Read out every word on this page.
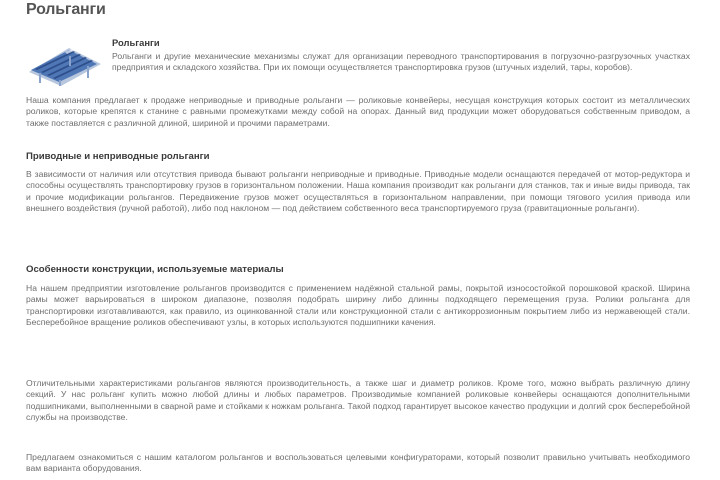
Рольганги
Рольганги

Рольганги и другие механические механизмы служат для организации переводного транспортирования в погрузочно-разгрузочных участках предприятия и складского хозяйства. При их помощи осуществляется транспортировка грузов (штучных изделий, тары, коробов).

Наша компания предлагает к продаже неприводные и приводные рольганги — роликовые конвейеры, несущая конструкция которых состоит из металлических роликов, которые крепятся к станине с равными промежутками между собой на опорах. Данный вид продукции может оборудоваться собственным приводом, а также поставляется с различной длиной, шириной и прочими параметрами.

Приводные и неприводные рольганги

В зависимости от наличия или отсутствия привода бывают рольганги неприводные и приводные. Приводные модели оснащаются передачей от мотор-редуктора и способны осуществлять транспортировку грузов в горизонтальном положении. Наша компания производит как рольганги для станков, так и иные виды привода, так и прочие модификации рольгангов. Передвижение грузов может осуществляться в горизонтальном направлении, при помощи тягового усилия привода или внешнего воздействия (ручной работой), либо под наклоном — под действием собственного веса транспортируемого груза (гравитационные рольганги).

Особенности конструкции, используемые материалы

На нашем предприятии изготовление рольгангов производится с применением надёжной стальной рамы, покрытой износостойкой порошковой краской. Ширина рамы может варьироваться в широком диапазоне, позволяя подобрать ширину либо длинны подходящего перемещения груза. Ролики рольганга для транспортировки изготавливаются, как правило, из оцинкованной стали или конструкционной стали с антикоррозионным покрытием либо из нержавеющей стали. Бесперебойное вращение роликов обеспечивают узлы, в которых используются подшипники качения.

Отличительными характеристиками рольгангов являются производительность, а также шаг и диаметр роликов. Кроме того, можно выбрать различную длину секций. У нас рольганг купить можно любой длины и любых параметров. Производимые компанией роликовые конвейеры оснащаются дополнительными подшипниками, выполненными в сварной раме и стойками к ножкам рольганга. Такой подход гарантирует высокое качество продукции и долгий срок бесперебойной службы на производстве.

Предлагаем ознакомиться с нашим каталогом рольгангов и воспользоваться целевыми конфигураторами, который позволит правильно учитывать необходимого вам варианта оборудования.
